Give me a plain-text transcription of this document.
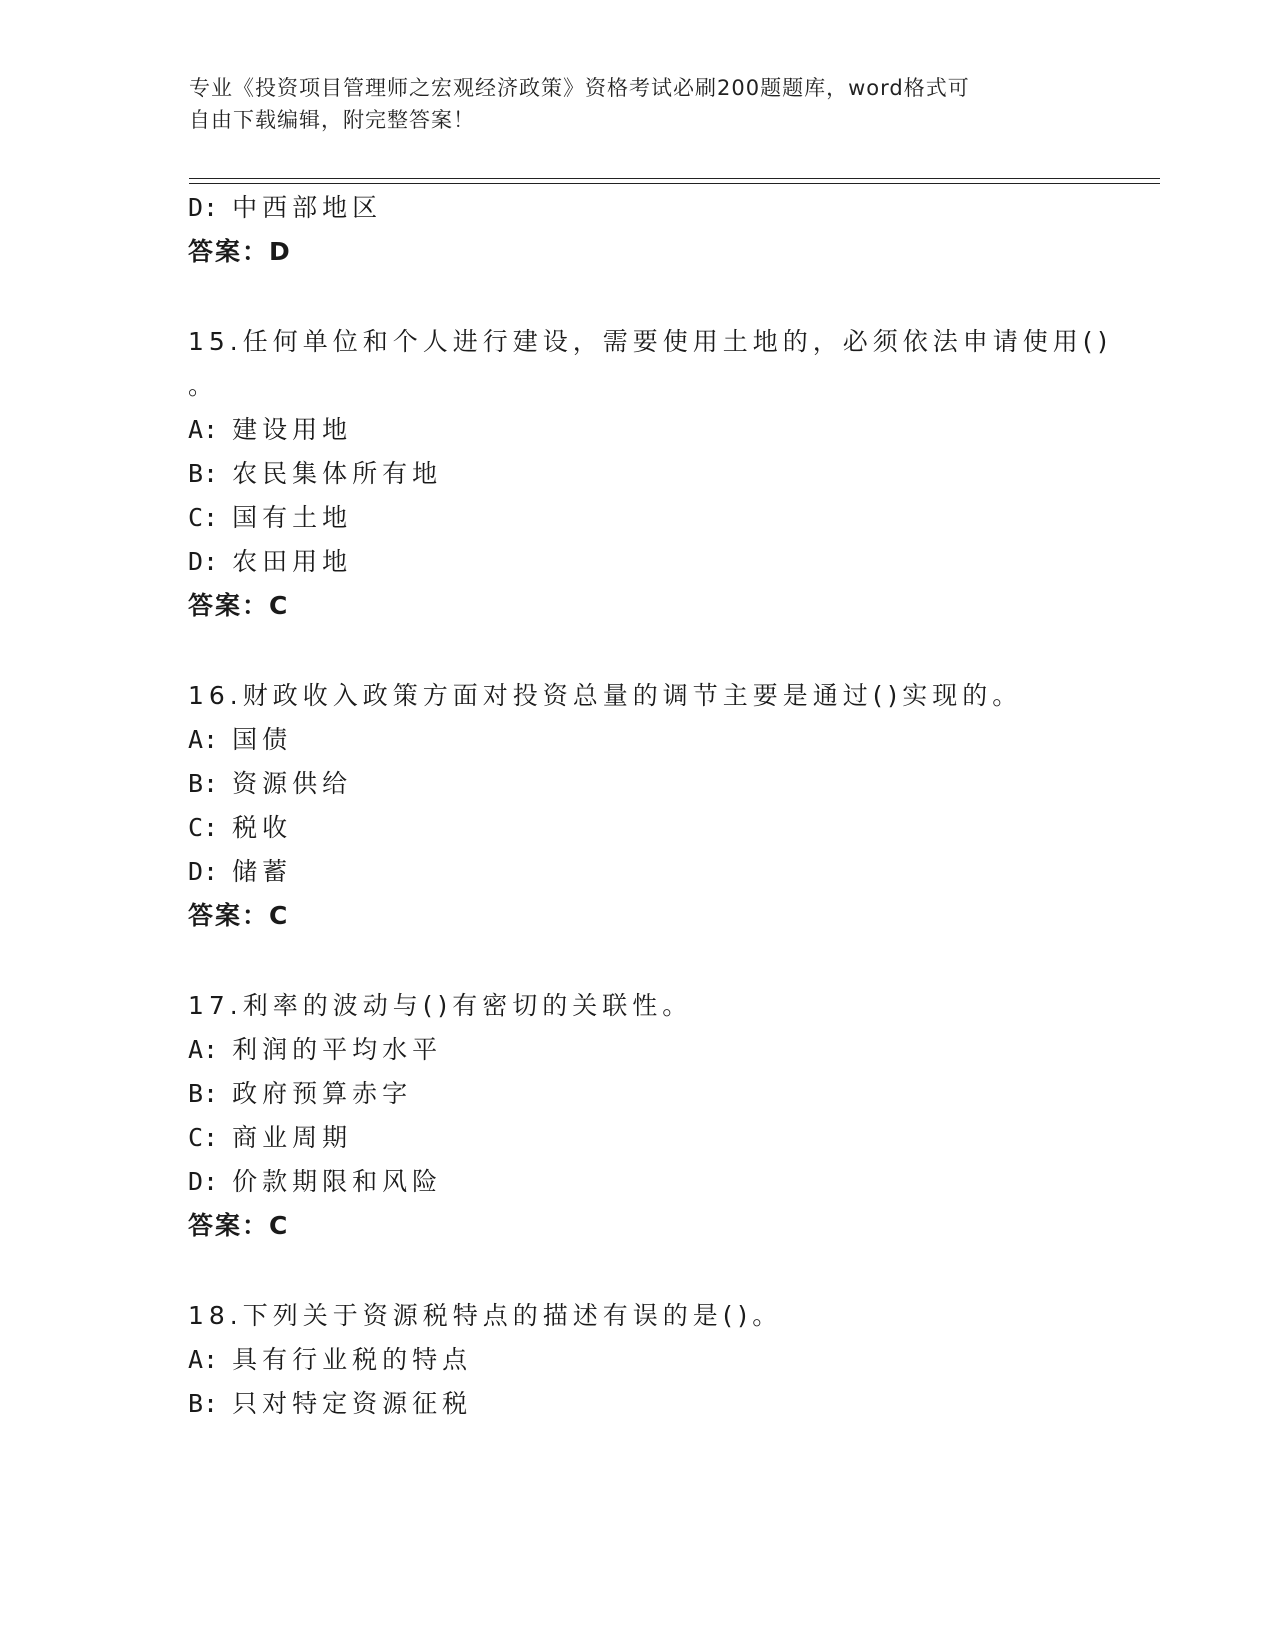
专业《投资项目管理师之宏观经济政策》资格考试必刷200题题库，word格式可
自由下载编辑，附完整答案！
D: 中西部地区
答案：D
15.任何单位和个人进行建设，需要使用土地的，必须依法申请使用()
。
A: 建设用地
B: 农民集体所有地
C: 国有土地
D: 农田用地
答案：C
16.财政收入政策方面对投资总量的调节主要是通过()实现的。
A: 国债
B: 资源供给
C: 税收
D: 储蓄
答案：C
17.利率的波动与()有密切的关联性。
A: 利润的平均水平
B: 政府预算赤字
C: 商业周期
D: 价款期限和风险
答案：C
18.下列关于资源税特点的描述有误的是()。
A: 具有行业税的特点
B: 只对特定资源征税
